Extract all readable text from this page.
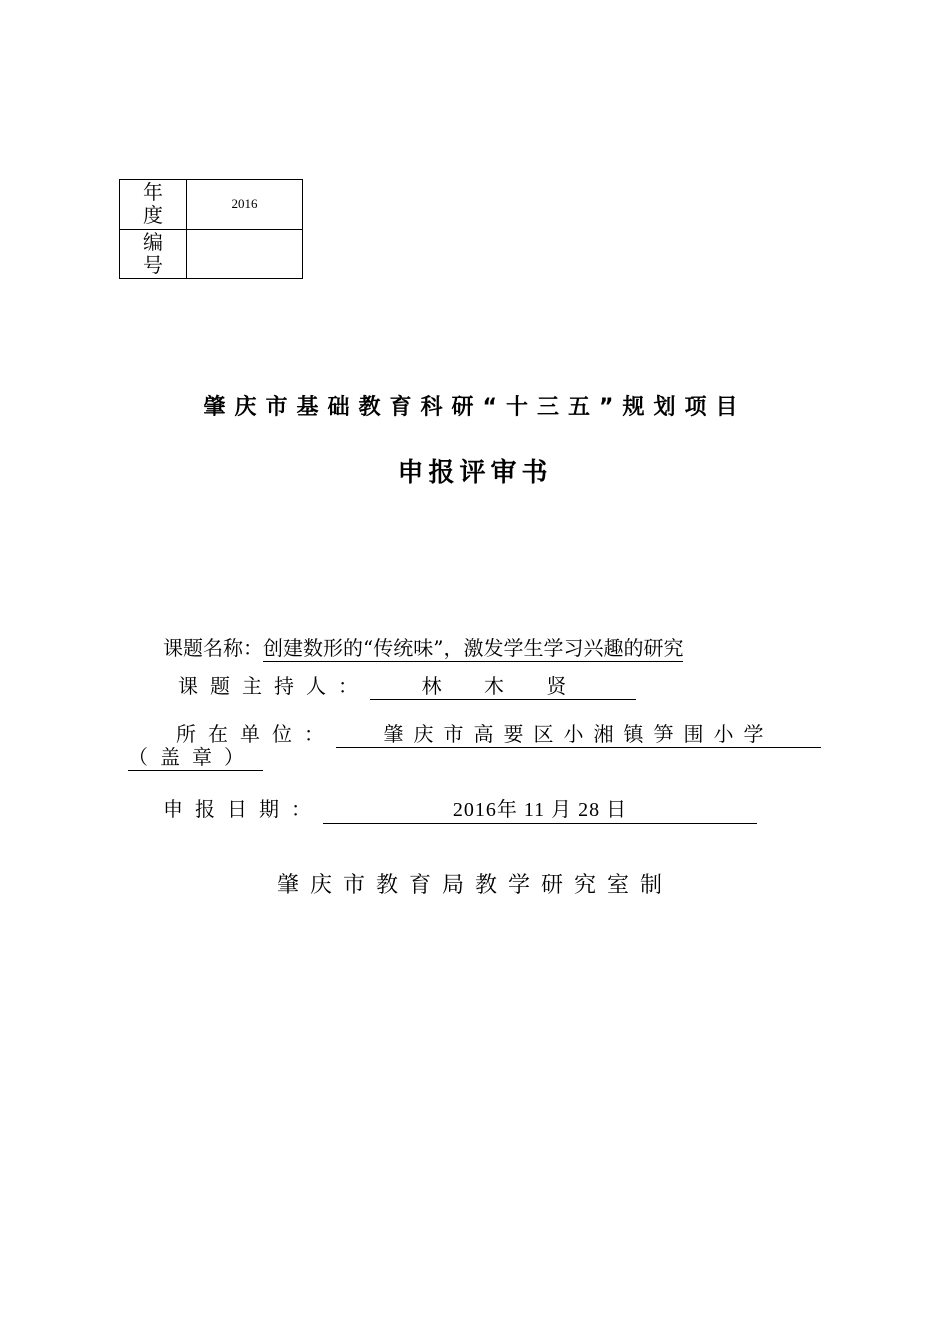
年度	2016
编号	
肇庆市基础教育科研“十三五”规划项目
申报评审书
课题名称：创建数形的“传统味”，激发学生学习兴趣的研究
课题主持人：	林 木 贤
所在单位： 肇庆市高要区小湘镇笋围小学
（盖章）
申报日期：	2016年 11 月 28 日
肇庆市教育局教学研究室制
